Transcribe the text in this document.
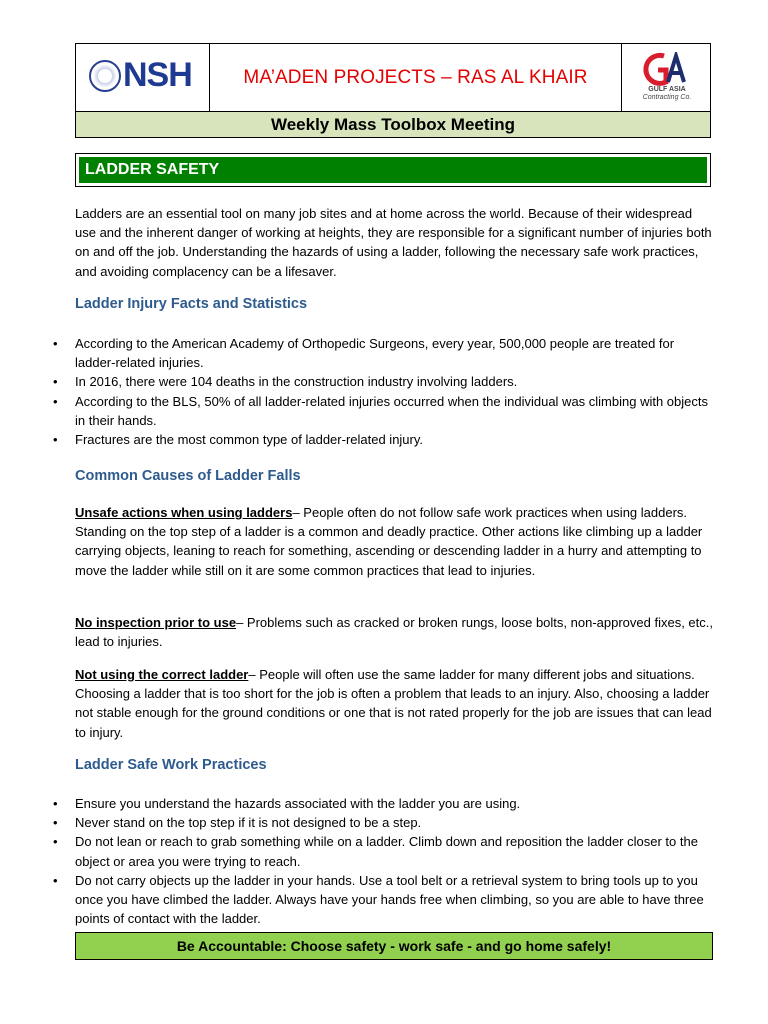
NSH	MA’ADEN PROJECTS – RAS AL KHAIR
GULF ASIA
Contracting Co.
Weekly Mass Toolbox Meeting
LADDER SAFETY
Ladders are an essential tool on many job sites and at home across the world. Because of their widespread use and the inherent danger of working at heights, they are responsible for a significant number of injuries both on and off the job. Understanding the hazards of using a ladder, following the necessary safe work practices, and avoiding complacency can be a lifesaver.
Ladder Injury Facts and Statistics
• According to the American Academy of Orthopedic Surgeons, every year, 500,000 people are treated for ladder-related injuries.
• In 2016, there were 104 deaths in the construction industry involving ladders.
• According to the BLS, 50% of all ladder-related injuries occurred when the individual was climbing with objects in their hands.
• Fractures are the most common type of ladder-related injury.
Common Causes of Ladder Falls
Unsafe actions when using ladders– People often do not follow safe work practices when using ladders. Standing on the top step of a ladder is a common and deadly practice. Other actions like climbing up a ladder carrying objects, leaning to reach for something, ascending or descending ladder in a hurry and attempting to move the ladder while still on it are some common practices that lead to injuries.
No inspection prior to use– Problems such as cracked or broken rungs, loose bolts, non-approved fixes, etc., lead to injuries.
Not using the correct ladder– People will often use the same ladder for many different jobs and situations. Choosing a ladder that is too short for the job is often a problem that leads to an injury. Also, choosing a ladder not stable enough for the ground conditions or one that is not rated properly for the job are issues that can lead to injury.
Ladder Safe Work Practices
• Ensure you understand the hazards associated with the ladder you are using.
• Never stand on the top step if it is not designed to be a step.
• Do not lean or reach to grab something while on a ladder. Climb down and reposition the ladder closer to the object or area you were trying to reach.
• Do not carry objects up the ladder in your hands. Use a tool belt or a retrieval system to bring tools up to you once you have climbed the ladder. Always have your hands free when climbing, so you are able to have three points of contact with the ladder.
Be Accountable: Choose safety - work safe - and go home safely!
